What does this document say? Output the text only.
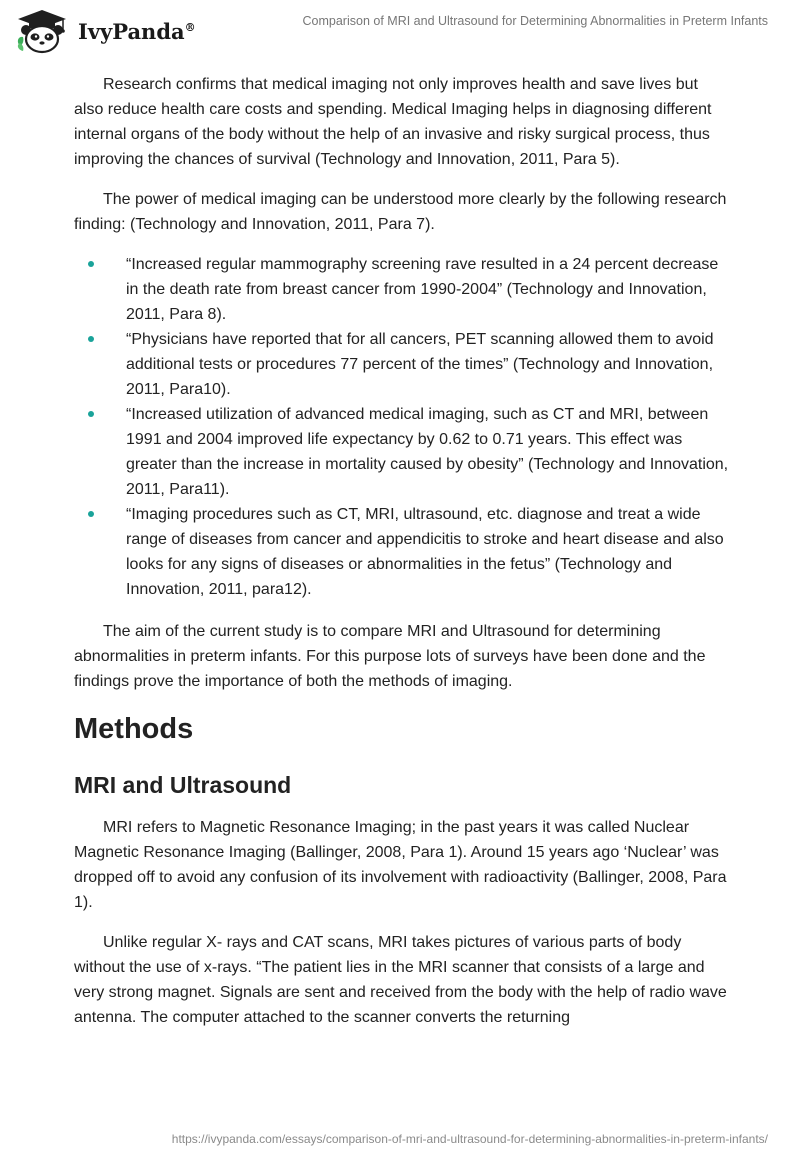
IvyPanda®	Comparison of MRI and Ultrasound for Determining Abnormalities in Preterm Infants

Research confirms that medical imaging not only improves health and save lives but also reduce health care costs and spending. Medical Imaging helps in diagnosing different internal organs of the body without the help of an invasive and risky surgical process, thus improving the chances of survival (Technology and Innovation, 2011, Para 5).

The power of medical imaging can be understood more clearly by the following research finding: (Technology and Innovation, 2011, Para 7).

“Increased regular mammography screening rave resulted in a 24 percent decrease in the death rate from breast cancer from 1990-2004” (Technology and Innovation, 2011, Para 8).
“Physicians have reported that for all cancers, PET scanning allowed them to avoid additional tests or procedures 77 percent of the times” (Technology and Innovation, 2011, Para10).
“Increased utilization of advanced medical imaging, such as CT and MRI, between 1991 and 2004 improved life expectancy by 0.62 to 0.71 years. This effect was greater than the increase in mortality caused by obesity” (Technology and Innovation, 2011, Para11).
“Imaging procedures such as CT, MRI, ultrasound, etc. diagnose and treat a wide range of diseases from cancer and appendicitis to stroke and heart disease and also looks for any signs of diseases or abnormalities in the fetus” (Technology and Innovation, 2011, para12).

The aim of the current study is to compare MRI and Ultrasound for determining abnormalities in preterm infants. For this purpose lots of surveys have been done and the findings prove the importance of both the methods of imaging.

Methods
MRI and Ultrasound

MRI refers to Magnetic Resonance Imaging; in the past years it was called Nuclear Magnetic Resonance Imaging (Ballinger, 2008, Para 1). Around 15 years ago ‘Nuclear’ was dropped off to avoid any confusion of its involvement with radioactivity (Ballinger, 2008, Para 1).

Unlike regular X- rays and CAT scans, MRI takes pictures of various parts of body without the use of x-rays. “The patient lies in the MRI scanner that consists of a large and very strong magnet. Signals are sent and received from the body with the help of radio wave antenna. The computer attached to the scanner converts the returning

https://ivypanda.com/essays/comparison-of-mri-and-ultrasound-for-determining-abnormalities-in-preterm-infants/
